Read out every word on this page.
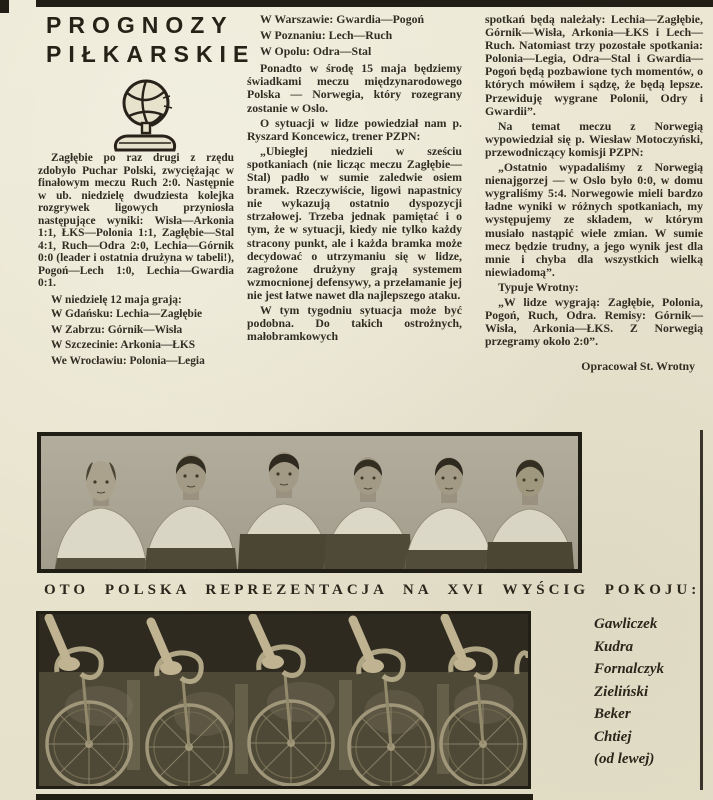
PROGNOZY
PIŁKARSKIE

Zagłębie po raz drugi z rzędu zdobyło Puchar Polski, zwyciężając w finałowym meczu Ruch 2:0. Następnie w ub. niedzielę dwudziesta kolejka rozgrywek ligowych przyniosła następujące wyniki: Wisła—Arkonia 1:1, ŁKS—Polonia 1:1, Zagłębie—Stal 4:1, Ruch—Odra 2:0, Lechia—Górnik 0:0 (leader i ostatnia drużyna w tabeli!), Pogoń—Lech 1:0, Lechia—Gwardia 0:1.

W niedzielę 12 maja grają:

W Gdańsku: Lechia—Zagłębie

W Zabrzu: Górnik—Wisła

W Szczecinie: Arkonia—ŁKS

We Wrocławiu: Polonia—Legia

W Warszawie: Gwardia—Pogoń

W Poznaniu: Lech—Ruch

W Opolu: Odra—Stal

Ponadto w środę 15 maja będziemy świadkami meczu międzynarodowego Polska — Norwegia, który rozegrany zostanie w Oslo.

O sytuacji w lidze powiedział nam p. Ryszard Koncewicz, trener PZPN:

„Ubiegłej niedzieli w sześciu spotkaniach (nie licząc meczu Zagłębie—Stal) padło w sumie zaledwie osiem bramek. Rzeczywiście, ligowi napastnicy nie wykazują ostatnio dyspozycji strzałowej. Trzeba jednak pamiętać i o tym, że w sytuacji, kiedy nie tylko każdy stracony punkt, ale i każda bramka może decydować o utrzymaniu się w lidze, zagrożone drużyny grają systemem wzmocnionej defensywy, a przełamanie jej nie jest łatwe nawet dla najlepszego ataku.

W tym tygodniu sytuacja może być podobna. Do takich ostrożnych, małobramkowych

spotkań będą należały: Lechia—Zagłębie, Górnik—Wisła, Arkonia—ŁKS i Lech—Ruch. Natomiast trzy pozostałe spotkania: Polonia—Legia, Odra—Stal i Gwardia—Pogoń będą pozbawione tych momentów, o których mówiłem i sądzę, że będą lepsze. Przewiduję wygrane Polonii, Odry i Gwardii”.

Na temat meczu z Norwegią wypowiedział się p. Wiesław Motoczyński, przewodniczący komisji PZPN:

„Ostatnio wypadaliśmy z Norwegią nienajgorzej — w Oslo było 0:0, w domu wygraliśmy 5:4. Norwegowie mieli bardzo ładne wyniki w różnych spotkaniach, my występujemy ze składem, w którym musiało nastąpić wiele zmian. W sumie mecz będzie trudny, a jego wynik jest dla mnie i chyba dla wszystkich wielką niewiadomą”.

Typuje Wrotny:

„W lidze wygrają: Zagłębie, Polonia, Pogoń, Ruch, Odra. Remisy: Górnik—Wisła, Arkonia—ŁKS. Z Norwegią przegramy około 2:0”.

Opracował St. Wrotny

OTO POLSKA REPREZENTACJA NA XVI WYŚCIG POKOJU:
Gawliczek
Kudra
Fornalczyk
Zieliński
Beker
Chtiej
(od lewej)
